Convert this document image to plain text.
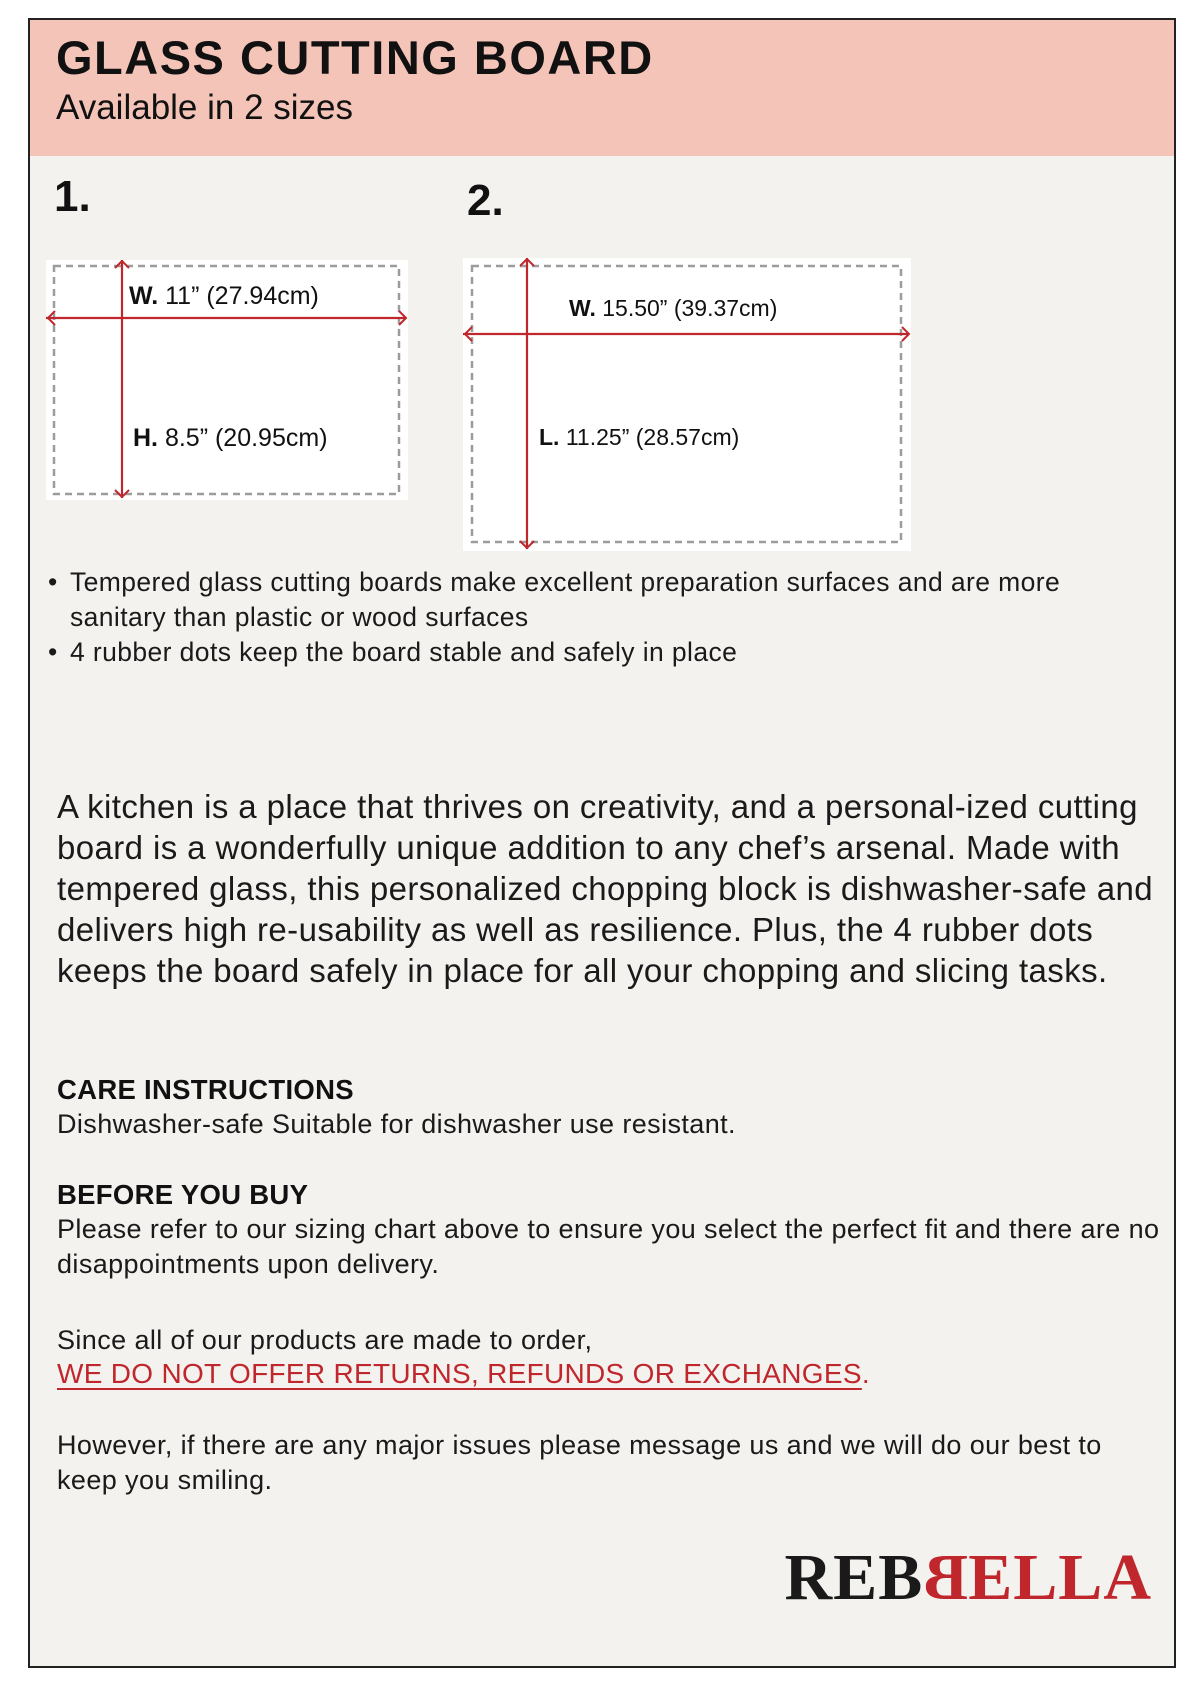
GLASS CUTTING BOARD
Available in 2 sizes
1.
W. 11” (27.94cm)
H. 8.5” (20.95cm)
2.
W. 15.50” (39.37cm)
L. 11.25” (28.57cm)
• Tempered glass cutting boards make excellent preparation surfaces and are more sanitary than plastic or wood surfaces
• 4 rubber dots keep the board stable and safely in place
A kitchen is a place that thrives on creativity, and a personal-ized cutting board is a wonderfully unique addition to any chef’s arsenal. Made with tempered glass, this personalized chopping block is dishwasher-safe and delivers high re-usability as well as resilience. Plus, the 4 rubber dots keeps the board safely in place for all your chopping and slicing tasks.
CARE INSTRUCTIONS
Dishwasher-safe Suitable for dishwasher use resistant.
BEFORE YOU BUY
Please refer to our sizing chart above to ensure you select the perfect fit and there are no disappointments upon delivery.
Since all of our products are made to order,
WE DO NOT OFFER RETURNS, REFUNDS OR EXCHANGES.
However, if there are any major issues please message us and we will do our best to keep you smiling.
REBBELLA
